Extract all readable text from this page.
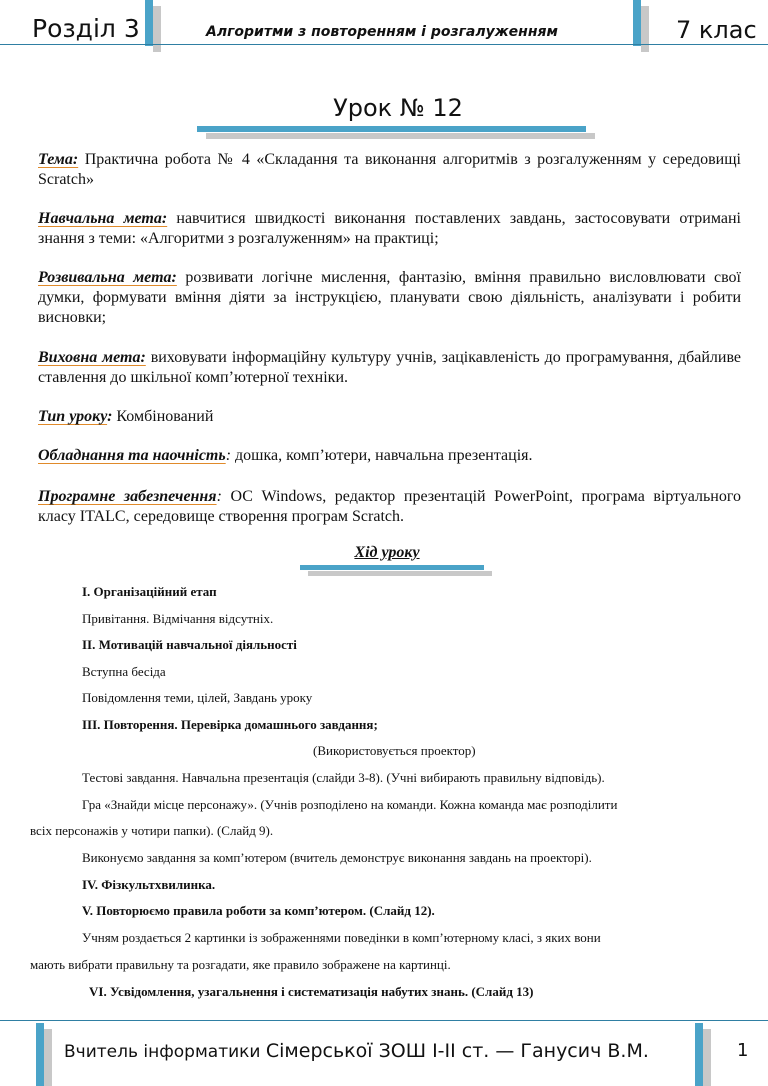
Розділ 3	Алгоритми з повторенням і розгалуженням	7 клас
Урок № 12
Тема: Практична робота № 4 «Складання та виконання алгоритмів з розгалуженням у середовищі Scratch»
Навчальна мета: навчитися швидкості виконання поставлених завдань, застосовувати отримані знання з теми: «Алгоритми з розгалуженням» на практиці;
Розвивальна мета: розвивати логічне мислення, фантазію, вміння правильно висловлювати свої думки, формувати вміння діяти за інструкцією, планувати свою діяльність, аналізувати і робити висновки;
Виховна мета: виховувати інформаційну культуру учнів, зацікавленість до програмування, дбайливе ставлення до шкільної комп’ютерної техніки.
Тип уроку: Комбінований
Обладнання та наочність: дошка, комп’ютери, навчальна презентація.
Програмне забезпечення: ОС Windows, редактор презентацій PowerPoint, програма віртуального класу ITALC, середовище створення програм Scratch.
Хід уроку
І. Організаційний етап
Привітання. Відмічання відсутніх.
ІІ. Мотивацій навчальної діяльності
Вступна бесіда
Повідомлення теми, цілей, Завдань уроку
ІІІ. Повторення. Перевірка домашнього завдання;
(Використовується проектор)
Тестові завдання. Навчальна презентація (слайди 3-8). (Учні вибирають правильну відповідь).
Гра «Знайди місце персонажу». (Учнів розподілено на команди. Кожна команда має розподілити
всіх персонажів у чотири папки). (Слайд 9).
Виконуємо завдання за комп’ютером (вчитель демонструє виконання завдань на проекторі).
IV. Фізкультхвилинка.
V. Повторюємо правила роботи за комп’ютером. (Слайд 12).
Учням роздається 2 картинки із зображеннями поведінки в комп’ютерному класі, з яких вони
мають вибрати правильну та розгадати, яке правило зображене на картинці.
VI. Усвідомлення, узагальнення і систематизація набутих знань. (Слайд 13)
Вчитель інформатики Сімерської ЗОШ І-ІІ ст. — Ганусич В.М.	1
